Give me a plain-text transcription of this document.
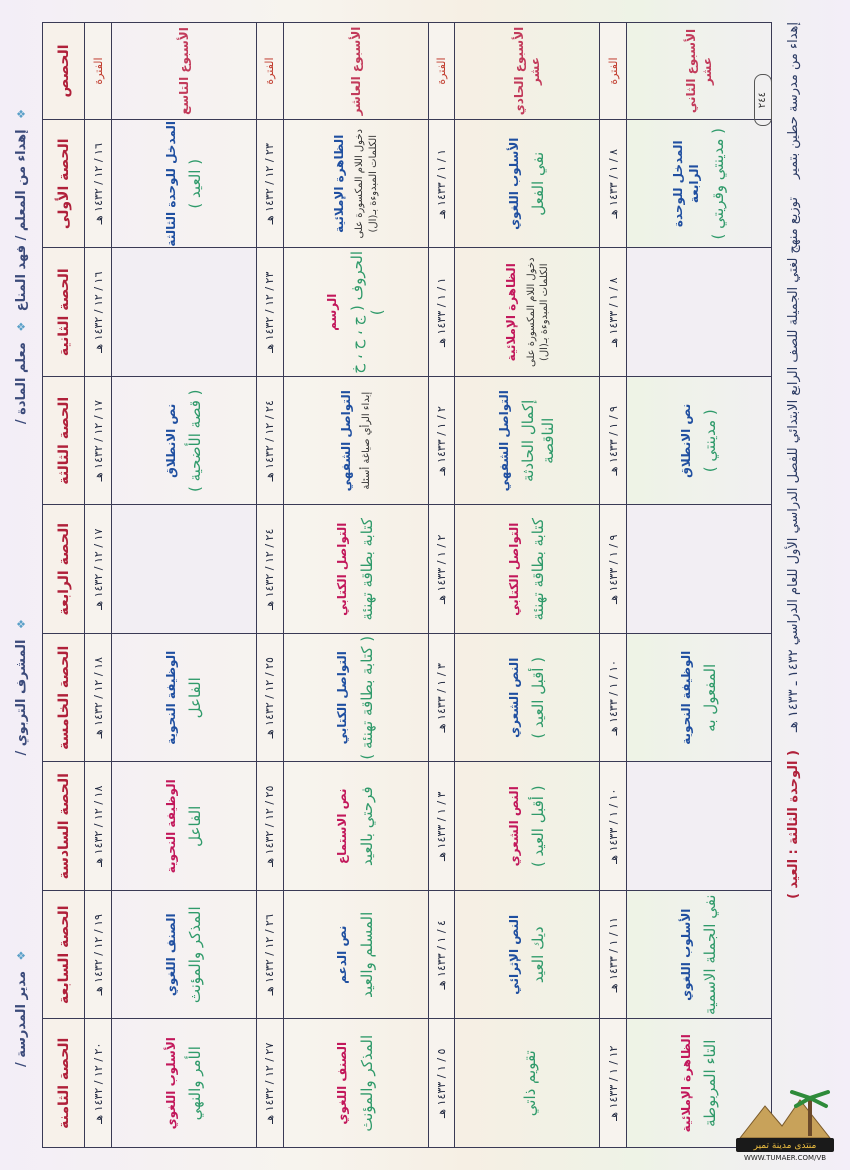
إهداء من مدرسة حطين بتمير
توزيع منهج لغتي الجميلة للصف الرابع الابتدائي للفصل الدراسي الأول للعام الدراسي ١٤٣٢ ـ ١٤٣٣ هـ
( الوحدة الثالثة : العيد )
الحصص	الحصة الأولى	الحصة الثانية	الحصة الثالثة	الحصة الرابعة	الحصة الخامسة	الحصة السادسة	الحصة السابعة	الحصة الثامنة
الفترة	١٦ / ١٢ / ١٤٣٢ هـ	١٦ / ١٢ / ١٤٣٢ هـ	١٧ / ١٢ / ١٤٣٢ هـ	١٧ / ١٢ / ١٤٣٢ هـ	١٨ / ١٢ / ١٤٣٢ هـ	١٨ / ١٢ / ١٤٣٢ هـ	١٩ / ١٢ / ١٤٣٢ هـ	٢٠ / ١٢ / ١٤٣٢ هـ
الأسبوع التاسع	المدخل للوحدة الثالثة ( العيد )		نص الانطلاق ( قصة الأضحية )		الوظيفة النحوية الفاعل	الوظيفة النحوية الفاعل	الصنف اللغوي المذكر والمؤنث	الأسلوب اللغوي الأمر والنهي

الفترة	٢٣ / ١٢ / ١٤٣٢ هـ	٢٣ / ١٢ / ١٤٣٢ هـ	٢٤ / ١٢ / ١٤٣٢ هـ	٢٤ / ١٢ / ١٤٣٢ هـ	٢٥ / ١٢ / ١٤٣٢ هـ	٢٥ / ١٢ / ١٤٣٢ هـ	٢٦ / ١٢ / ١٤٣٢ هـ	٢٧ / ١٢ / ١٤٣٢ هـ
الأسبوع العاشر	الظاهرة الإملائية دخول اللام المكسورة على الكلمات المبدوءة بـ(ال)	الرسم الحروف ( ج ، ح ، خ )	التواصل الشفهي إبداء الرأي صياغة أسئلة	التواصل الكتابي كتابة بطاقة تهنئة	التواصل الكتابي ( كتابة بطاقة تهنئة )	نص الاستماع فرحتي بالعيد	نص الدعم المسلم والعيد	الصنف اللغوي المذكر والمؤنث

الفترة	١ / ١ / ١٤٣٣ هـ	١ / ١ / ١٤٣٣ هـ	٢ / ١ / ١٤٣٣ هـ	٢ / ١ / ١٤٣٣ هـ	٣ / ١ / ١٤٣٣ هـ	٣ / ١ / ١٤٣٣ هـ	٤ / ١ / ١٤٣٣ هـ	٥ / ١ / ١٤٣٣ هـ
الأسبوع الحادي عشر	الأسلوب اللغوي نفي الفعل	الظاهرة الإملائية دخول اللام المكسورة على الكلمات المبدوءة بـ(ال)	التواصل الشفهي إكمال الحادثة الناقصة	التواصل الكتابي كتابة بطاقة تهنئة	النص الشعري ( أقبل العيد )	النص الشعري ( أقبل العيد )	النص الإثرائي ديك العيد	تقويم ذاتي

الفترة	٨ / ١ / ١٤٣٣ هـ	٨ / ١ / ١٤٣٣ هـ	٩ / ١ / ١٤٣٣ هـ	٩ / ١ / ١٤٣٣ هـ	١٠ / ١ / ١٤٣٣ هـ	١٠ / ١ / ١٤٣٣ هـ	١١ / ١ / ١٤٣٣ هـ	١٢ / ١ / ١٤٣٣ هـ
الأسبوع الثاني عشر	المدخل للوحدة الرابعة ( مدينتي وقريتي )		نص الانطلاق ( مدينتي )		الوظيفة النحوية المفعول به		الأسلوب اللغوي نفي الجملة الاسمية	الظاهرة الإملائية التاء المربوطة
٢٤٤
❖ إهداء من المعلم / فهد المناع ❖ معلم المادة /  ❖ المشرف التربوي /  ❖ مدير المدرسة /
منتدى مدينة تمير
WWW.TUMAER.COM/VB
